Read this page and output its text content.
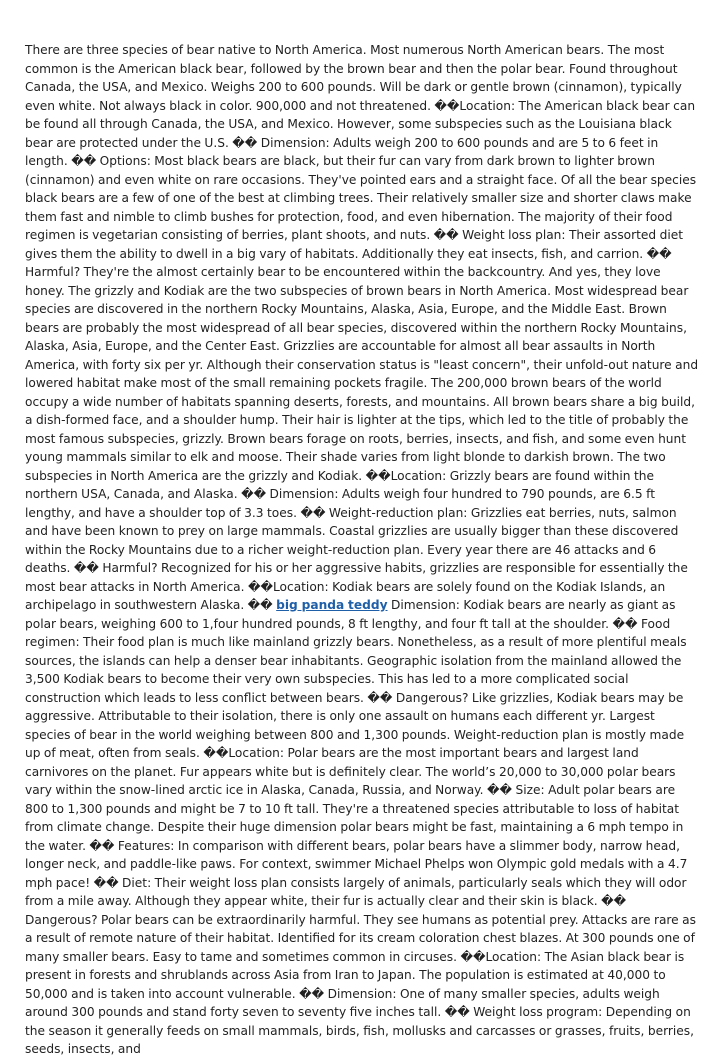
There are three species of bear native to North America. Most numerous North American bears. The most common is the American black bear, followed by the brown bear and then the polar bear. Found throughout Canada, the USA, and Mexico. Weighs 200 to 600 pounds. Will be dark or gentle brown (cinnamon), typically even white. Not always black in color. 900,000 and not threatened. ��Location: The American black bear can be found all through Canada, the USA, and Mexico. However, some subspecies such as the Louisiana black bear are protected under the U.S. �� Dimension: Adults weigh 200 to 600 pounds and are 5 to 6 feet in length. �� Options: Most black bears are black, but their fur can vary from dark brown to lighter brown (cinnamon) and even white on rare occasions. They've pointed ears and a straight face. Of all the bear species black bears are a few of one of the best at climbing trees. Their relatively smaller size and shorter claws make them fast and nimble to climb bushes for protection, food, and even hibernation. The majority of their food regimen is vegetarian consisting of berries, plant shoots, and nuts. �� Weight loss plan: Their assorted diet gives them the ability to dwell in a big vary of habitats. Additionally they eat insects, fish, and carrion. �� Harmful? They're the almost certainly bear to be encountered within the backcountry. And yes, they love honey. The grizzly and Kodiak are the two subspecies of brown bears in North America. Most widespread bear species are discovered in the northern Rocky Mountains, Alaska, Asia, Europe, and the Middle East. Brown bears are probably the most widespread of all bear species, discovered within the northern Rocky Mountains, Alaska, Asia, Europe, and the Center East. Grizzlies are accountable for almost all bear assaults in North America, with forty six per yr. Although their conservation status is "least concern", their unfold-out nature and lowered habitat make most of the small remaining pockets fragile. The 200,000 brown bears of the world occupy a wide number of habitats spanning deserts, forests, and mountains. All brown bears share a big build, a dish-formed face, and a shoulder hump. Their hair is lighter at the tips, which led to the title of probably the most famous subspecies, grizzly. Brown bears forage on roots, berries, insects, and fish, and some even hunt young mammals similar to elk and moose. Their shade varies from light blonde to darkish brown. The two subspecies in North America are the grizzly and Kodiak. ��Location: Grizzly bears are found within the northern USA, Canada, and Alaska. �� Dimension: Adults weigh four hundred to 790 pounds, are 6.5 ft lengthy, and have a shoulder top of 3.3 toes. �� Weight-reduction plan: Grizzlies eat berries, nuts, salmon and have been known to prey on large mammals. Coastal grizzlies are usually bigger than these discovered within the Rocky Mountains due to a richer weight-reduction plan. Every year there are 46 attacks and 6 deaths. �� Harmful? Recognized for his or her aggressive habits, grizzlies are responsible for essentially the most bear attacks in North America. ��Location: Kodiak bears are solely found on the Kodiak Islands, an archipelago in southwestern Alaska. �� big panda teddy Dimension: Kodiak bears are nearly as giant as polar bears, weighing 600 to 1,four hundred pounds, 8 ft lengthy, and four ft tall at the shoulder. �� Food regimen: Their food plan is much like mainland grizzly bears. Nonetheless, as a result of more plentiful meals sources, the islands can help a denser bear inhabitants. Geographic isolation from the mainland allowed the 3,500 Kodiak bears to become their very own subspecies. This has led to a more complicated social construction which leads to less conflict between bears. �� Dangerous? Like grizzlies, Kodiak bears may be aggressive. Attributable to their isolation, there is only one assault on humans each different yr. Largest species of bear in the world weighing between 800 and 1,300 pounds. Weight-reduction plan is mostly made up of meat, often from seals. ��Location: Polar bears are the most important bears and largest land carnivores on the planet. Fur appears white but is definitely clear. The world’s 20,000 to 30,000 polar bears vary within the snow-lined arctic ice in Alaska, Canada, Russia, and Norway. �� Size: Adult polar bears are 800 to 1,300 pounds and might be 7 to 10 ft tall. They're a threatened species attributable to loss of habitat from climate change. Despite their huge dimension polar bears might be fast, maintaining a 6 mph tempo in the water. �� Features: In comparison with different bears, polar bears have a slimmer body, narrow head, longer neck, and paddle-like paws. For context, swimmer Michael Phelps won Olympic gold medals with a 4.7 mph pace! �� Diet: Their weight loss plan consists largely of animals, particularly seals which they will odor from a mile away. Although they appear white, their fur is actually clear and their skin is black. �� Dangerous? Polar bears can be extraordinarily harmful. They see humans as potential prey. Attacks are rare as a result of remote nature of their habitat. Identified for its cream coloration chest blazes. At 300 pounds one of many smaller bears. Easy to tame and sometimes common in circuses. ��Location: The Asian black bear is present in forests and shrublands across Asia from Iran to Japan. The population is estimated at 40,000 to 50,000 and is taken into account vulnerable. �� Dimension: One of many smaller species, adults weigh around 300 pounds and stand forty seven to seventy five inches tall. �� Weight loss program: Depending on the season it generally feeds on small mammals, birds, fish, mollusks and carcasses or grasses, fruits, berries, seeds, insects, and
